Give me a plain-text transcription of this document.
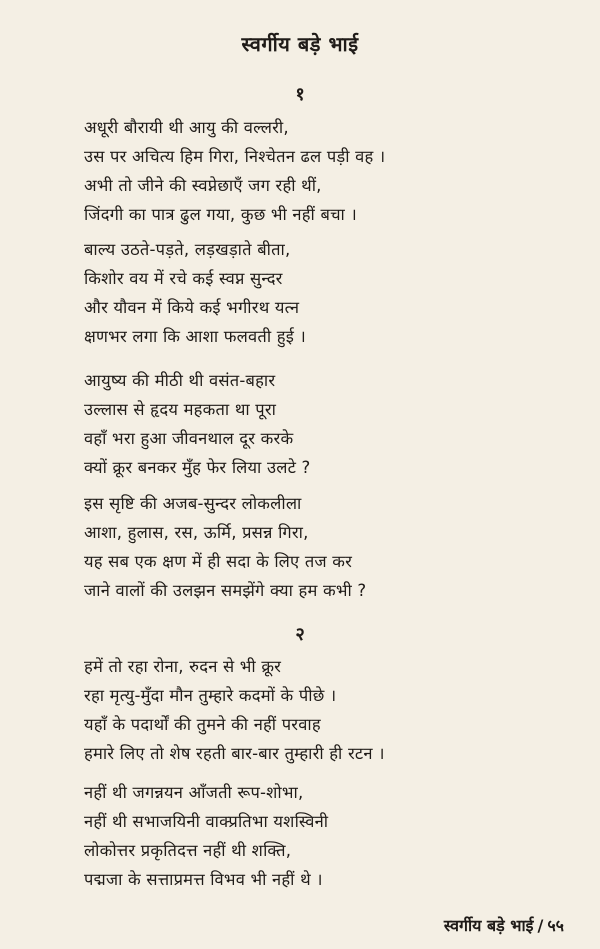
स्वर्गीय बड़े भाई
१
अधूरी बौरायी थी आयु की वल्लरी,
उस पर अचित्य हिम गिरा, निश्चेतन ढल पड़ी वह ।
अभी तो जीने की स्वप्नेछाएँ जग रही थीं,
जिंदगी का पात्र ढुल गया, कुछ भी नहीं बचा ।
बाल्य उठते-पड़ते, लड़खड़ाते बीता,
किशोर वय में रचे कई स्वप्न सुन्दर
और यौवन में किये कई भगीरथ यत्न
क्षणभर लगा कि आशा फलवती हुई ।
आयुष्य की मीठी थी वसंत-बहार
उल्लास से हृदय महकता था पूरा
वहाँ भरा हुआ जीवनथाल दूर करके
क्यों क्रूर बनकर मुँह फेर लिया उलटे ?
इस सृष्टि की अजब-सुन्दर लोकलीला
आशा, हुलास, रस, ऊर्मि, प्रसन्न गिरा,
यह सब एक क्षण में ही सदा के लिए तज कर
जाने वालों की उलझन समझेंगे क्या हम कभी ?
२
हमें तो रहा रोना, रुदन से भी क्रूर
रहा मृत्यु-मुँदा मौन तुम्हारे कदमों के पीछे ।
यहाँ के पदार्थों की तुमने की नहीं परवाह
हमारे लिए तो शेष रहती बार-बार तुम्हारी ही रटन ।
नहीं थी जगन्नयन आँजती रूप-शोभा,
नहीं थी सभाजयिनी वाक्प्रतिभा यशस्विनी
लोकोत्तर प्रकृतिदत्त नहीं थी शक्ति,
पद्मजा के सत्ताप्रमत्त विभव भी नहीं थे ।
स्वर्गीय बड़े भाई / ५५
